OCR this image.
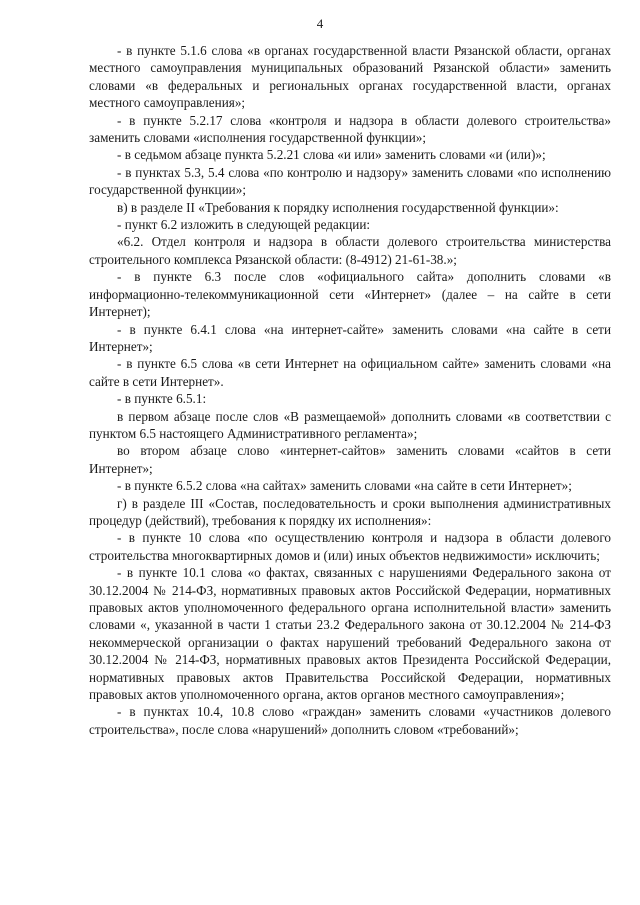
4

- в пункте 5.1.6 слова «в органах государственной власти Рязанской области, органах местного самоуправления муниципальных образований Рязанской области» заменить словами «в федеральных и региональных органах государственной власти, органах местного самоуправления»;

- в пункте 5.2.17 слова «контроля и надзора в области долевого строительства» заменить словами «исполнения государственной функции»;

- в седьмом абзаце пункта 5.2.21 слова «и или» заменить словами «и (или)»;

- в пунктах 5.3, 5.4 слова «по контролю и надзору» заменить словами «по исполнению государственной функции»;

в) в разделе II «Требования к порядку исполнения государственной функции»:

- пункт 6.2 изложить в следующей редакции:

«6.2. Отдел контроля и надзора в области долевого строительства министерства строительного комплекса Рязанской области: (8-4912) 21-61-38.»;

- в пункте 6.3 после слов «официального сайта» дополнить словами «в информационно-телекоммуникационной сети «Интернет» (далее – на сайте в сети Интернет);

- в пункте 6.4.1 слова «на интернет-сайте» заменить словами «на сайте в сети Интернет»;

- в пункте 6.5 слова «в сети Интернет на официальном сайте» заменить словами «на сайте в сети Интернет».

- в пункте 6.5.1:

в первом абзаце после слов «В размещаемой» дополнить словами «в соответствии с пунктом 6.5 настоящего Административного регламента»;

во втором абзаце слово «интернет-сайтов» заменить словами «сайтов в сети Интернет»;

- в пункте 6.5.2 слова «на сайтах» заменить словами «на сайте в сети Интернет»;

г) в разделе III «Состав, последовательность и сроки выполнения административных процедур (действий), требования к порядку их исполнения»:

- в пункте 10 слова «по осуществлению контроля и надзора в области долевого строительства многоквартирных домов и (или) иных объектов недвижимости» исключить;

- в пункте 10.1 слова «о фактах, связанных с нарушениями Федерального закона от 30.12.2004 № 214-ФЗ, нормативных правовых актов Российской Федерации, нормативных правовых актов уполномоченного федерального органа исполнительной власти» заменить словами «, указанной в части 1 статьи 23.2 Федерального закона от 30.12.2004 № 214-ФЗ некоммерческой организации о фактах нарушений требований Федерального закона от 30.12.2004 № 214-ФЗ, нормативных правовых актов Президента Российской Федерации, нормативных правовых актов Правительства Российской Федерации, нормативных правовых актов уполномоченного органа, актов органов местного самоуправления»;

- в пунктах 10.4, 10.8 слово «граждан» заменить словами «участников долевого строительства», после слова «нарушений» дополнить словом «требований»;
